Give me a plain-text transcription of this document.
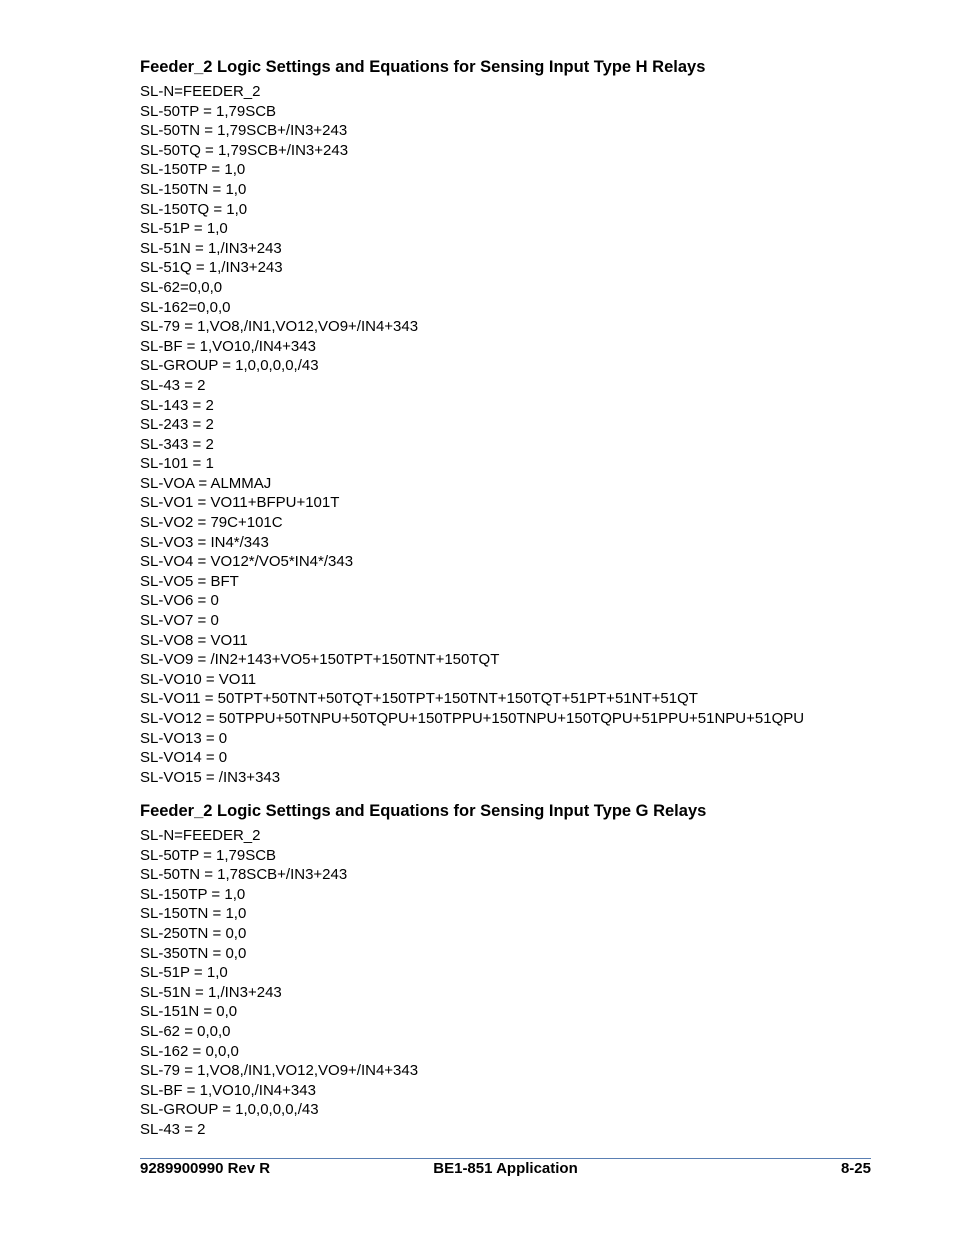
Feeder_2 Logic Settings and Equations for Sensing Input Type H Relays
SL-N=FEEDER_2
SL-50TP = 1,79SCB
SL-50TN = 1,79SCB+/IN3+243
SL-50TQ = 1,79SCB+/IN3+243
SL-150TP = 1,0
SL-150TN = 1,0
SL-150TQ = 1,0
SL-51P = 1,0
SL-51N = 1,/IN3+243
SL-51Q = 1,/IN3+243
SL-62=0,0,0
SL-162=0,0,0
SL-79 = 1,VO8,/IN1,VO12,VO9+/IN4+343
SL-BF = 1,VO10,/IN4+343
SL-GROUP = 1,0,0,0,0,/43
SL-43 = 2
SL-143 = 2
SL-243 = 2
SL-343 = 2
SL-101 = 1
SL-VOA = ALMMAJ
SL-VO1 = VO11+BFPU+101T
SL-VO2 = 79C+101C
SL-VO3 = IN4*/343
SL-VO4 = VO12*/VO5*IN4*/343
SL-VO5 = BFT
SL-VO6 = 0
SL-VO7 = 0
SL-VO8 = VO11
SL-VO9 = /IN2+143+VO5+150TPT+150TNT+150TQT
SL-VO10 = VO11
SL-VO11 = 50TPT+50TNT+50TQT+150TPT+150TNT+150TQT+51PT+51NT+51QT
SL-VO12 = 50TPPU+50TNPU+50TQPU+150TPPU+150TNPU+150TQPU+51PPU+51NPU+51QPU
SL-VO13 = 0
SL-VO14 = 0
SL-VO15 = /IN3+343
Feeder_2 Logic Settings and Equations for Sensing Input Type G Relays
SL-N=FEEDER_2
SL-50TP = 1,79SCB
SL-50TN = 1,78SCB+/IN3+243
SL-150TP = 1,0
SL-150TN = 1,0
SL-250TN = 0,0
SL-350TN = 0,0
SL-51P = 1,0
SL-51N = 1,/IN3+243
SL-151N = 0,0
SL-62 = 0,0,0
SL-162 = 0,0,0
SL-79 = 1,VO8,/IN1,VO12,VO9+/IN4+343
SL-BF = 1,VO10,/IN4+343
SL-GROUP = 1,0,0,0,0,/43
SL-43 = 2
9289900990 Rev R	BE1-851 Application	8-25
